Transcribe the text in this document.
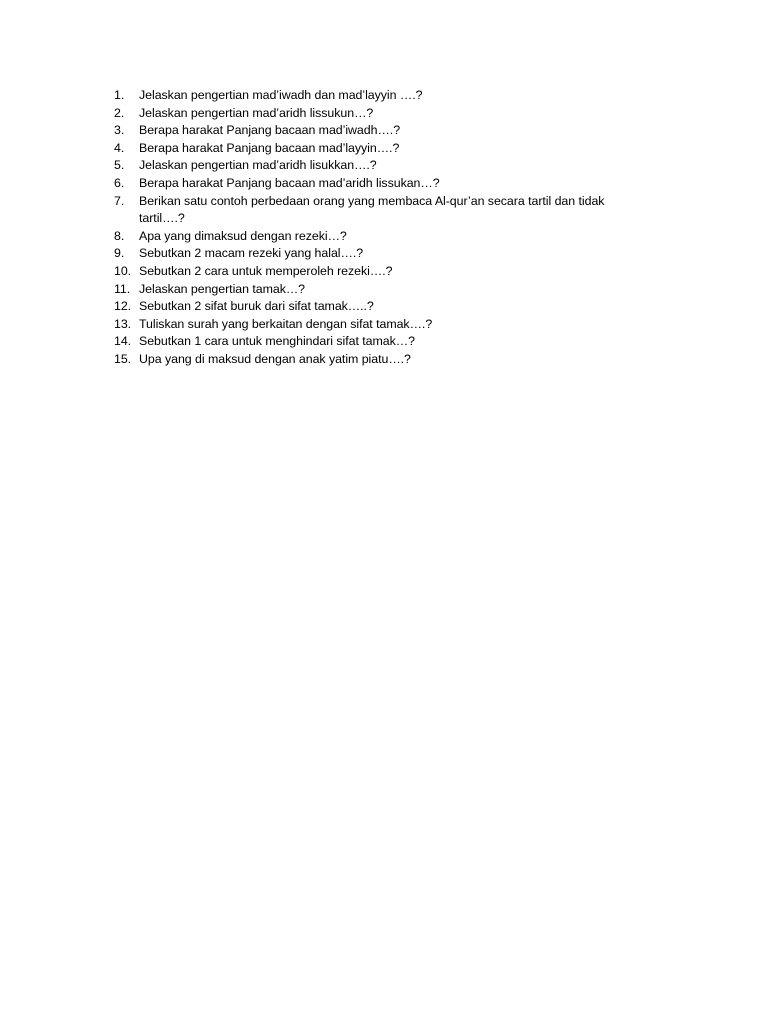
1.	Jelaskan pengertian mad’iwadh dan mad’layyin ….?
2.	Jelaskan pengertian mad’aridh lissukun…?
3.	Berapa harakat Panjang bacaan mad’iwadh….?
4.	Berapa harakat Panjang bacaan mad’layyin….?
5.	Jelaskan pengertian mad’aridh lisukkan….?
6.	Berapa harakat Panjang bacaan mad’aridh lissukan…?
7.	Berikan satu contoh perbedaan orang yang membaca Al-qur’an secara tartil dan tidak tartil….?
8.	Apa yang dimaksud dengan rezeki…?
9.	Sebutkan 2 macam rezeki yang halal….?
10. Sebutkan 2 cara untuk memperoleh rezeki….?
11. Jelaskan pengertian tamak…?
12. Sebutkan 2 sifat buruk dari sifat tamak…..?
13. Tuliskan surah yang berkaitan dengan sifat tamak….?
14. Sebutkan 1 cara untuk menghindari sifat tamak…?
15. Upa yang di maksud dengan anak yatim piatu….?
